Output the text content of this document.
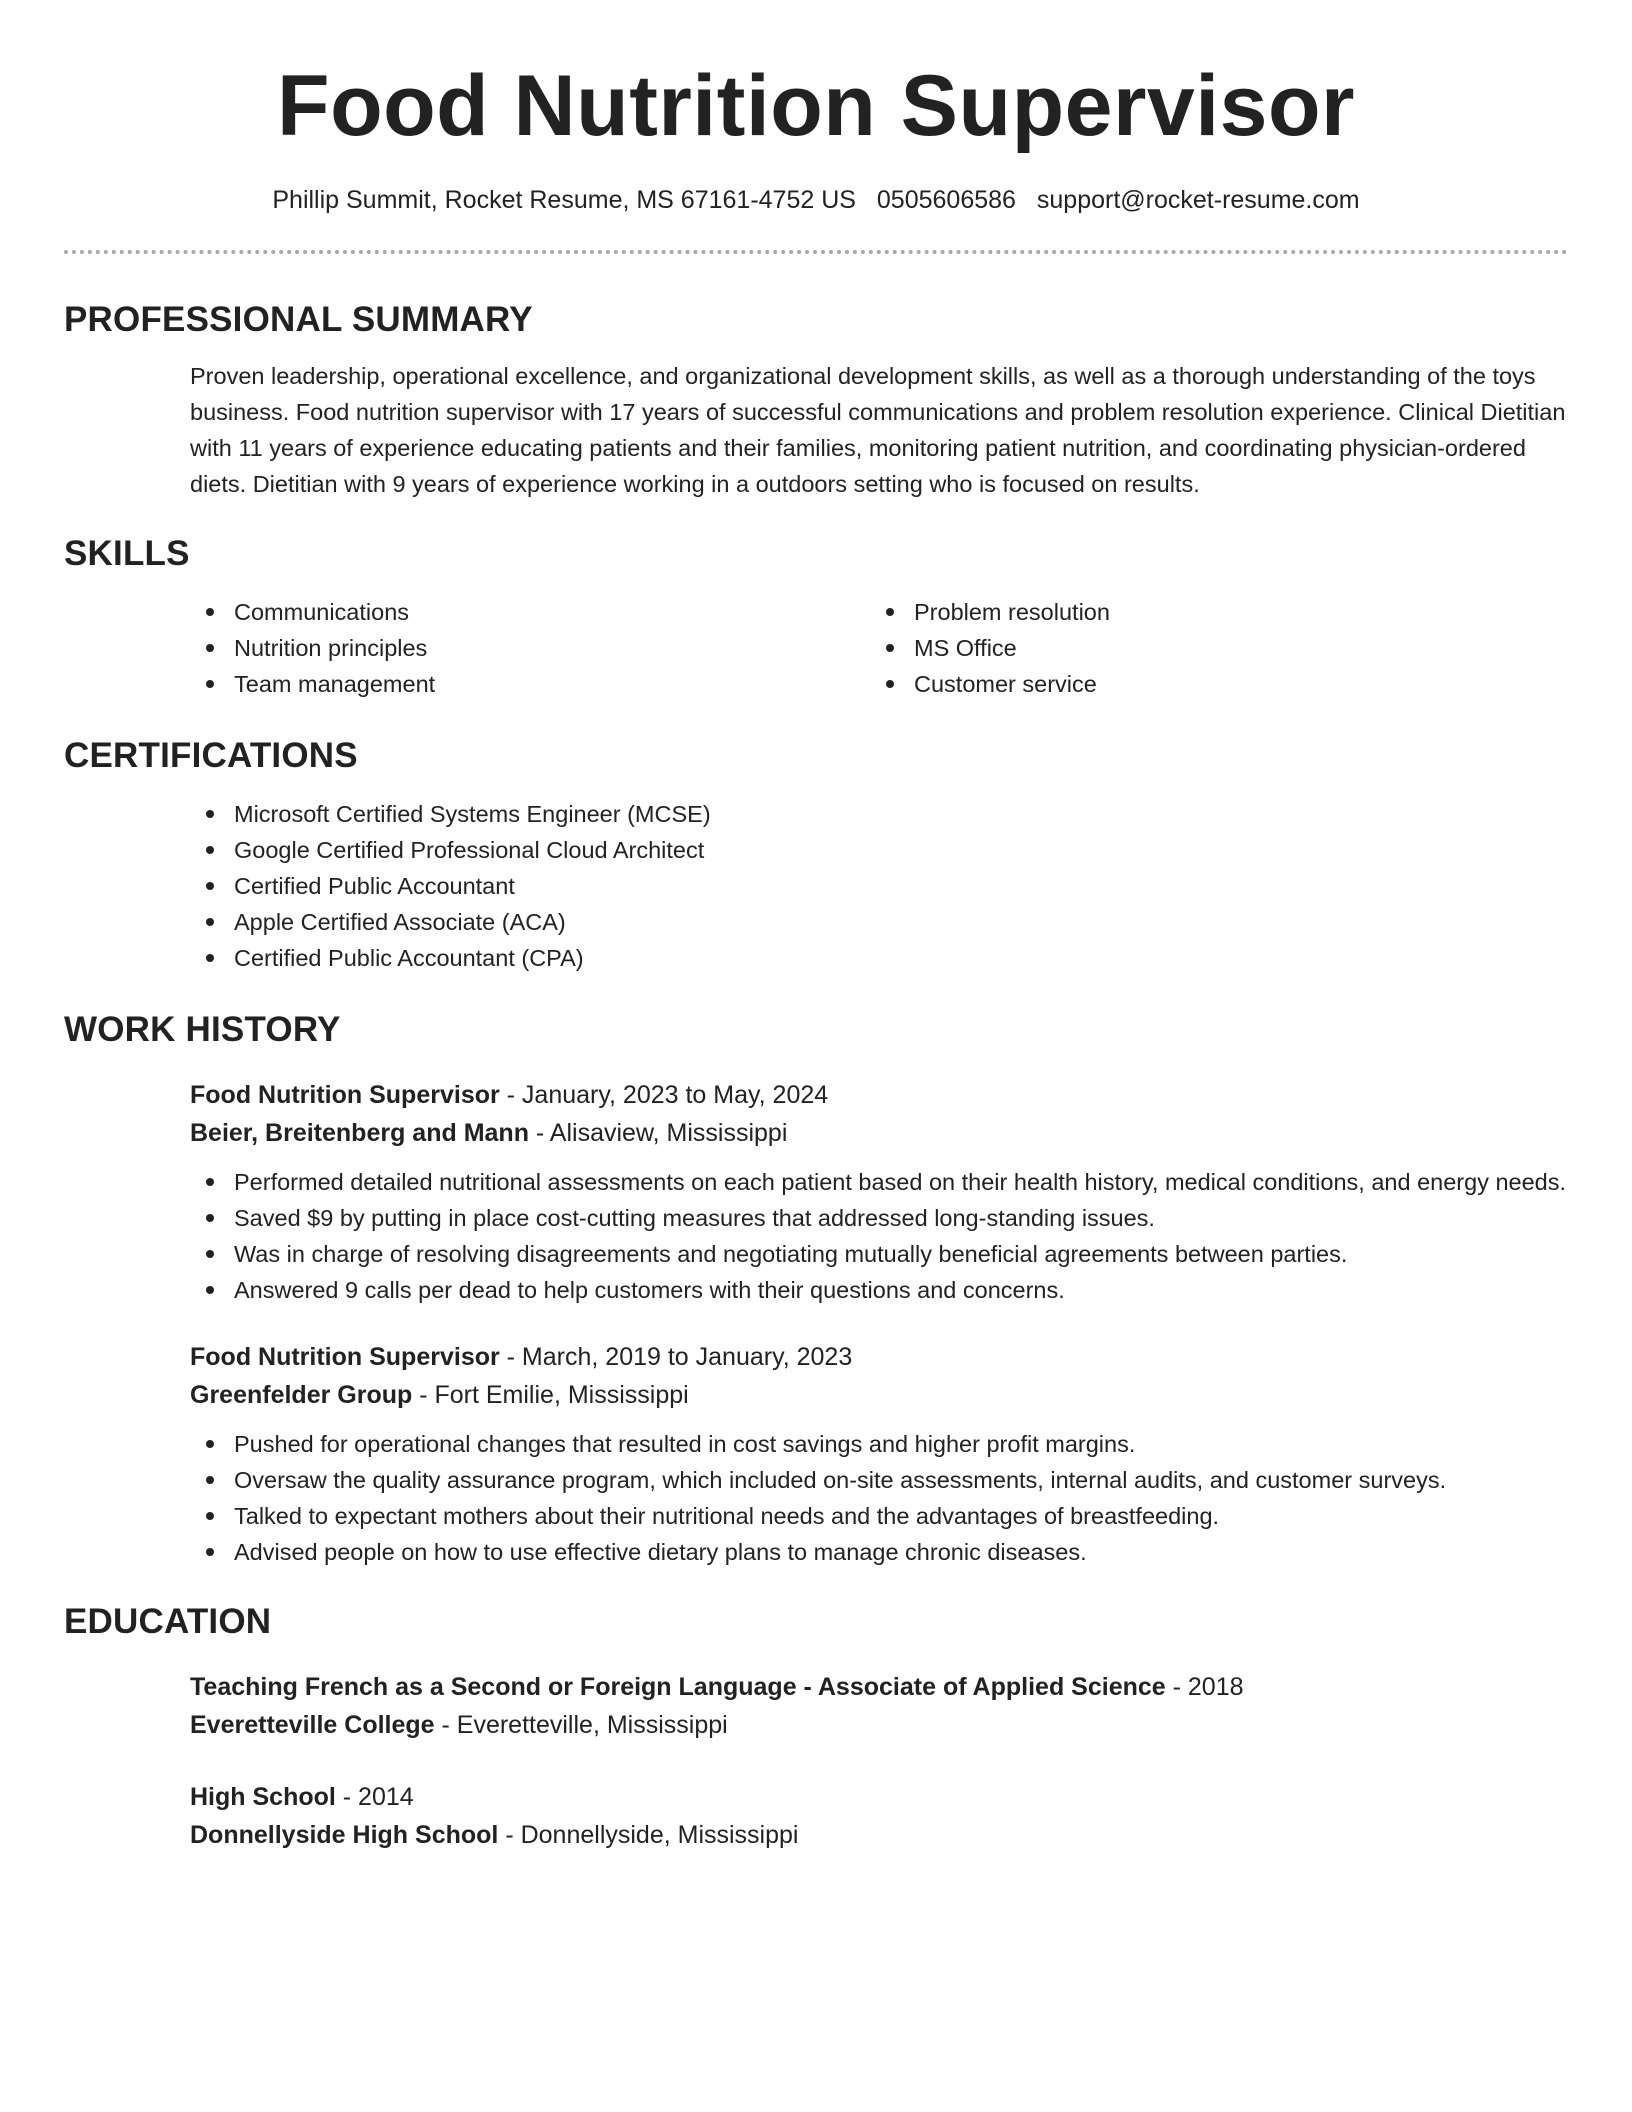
Food Nutrition Supervisor
Phillip Summit, Rocket Resume, MS 67161-4752 US 0505606586 support@rocket-resume.com
PROFESSIONAL SUMMARY
Proven leadership, operational excellence, and organizational development skills, as well as a thorough understanding of the toys business. Food nutrition supervisor with 17 years of successful communications and problem resolution experience. Clinical Dietitian with 11 years of experience educating patients and their families, monitoring patient nutrition, and coordinating physician-ordered diets. Dietitian with 9 years of experience working in a outdoors setting who is focused on results.
SKILLS
Communications
Nutrition principles
Team management
Problem resolution
MS Office
Customer service
CERTIFICATIONS
Microsoft Certified Systems Engineer (MCSE)
Google Certified Professional Cloud Architect
Certified Public Accountant
Apple Certified Associate (ACA)
Certified Public Accountant (CPA)
WORK HISTORY
Food Nutrition Supervisor - January, 2023 to May, 2024
Beier, Breitenberg and Mann - Alisaview, Mississippi
Performed detailed nutritional assessments on each patient based on their health history, medical conditions, and energy needs.
Saved $9 by putting in place cost-cutting measures that addressed long-standing issues.
Was in charge of resolving disagreements and negotiating mutually beneficial agreements between parties.
Answered 9 calls per dead to help customers with their questions and concerns.
Food Nutrition Supervisor - March, 2019 to January, 2023
Greenfelder Group - Fort Emilie, Mississippi
Pushed for operational changes that resulted in cost savings and higher profit margins.
Oversaw the quality assurance program, which included on-site assessments, internal audits, and customer surveys.
Talked to expectant mothers about their nutritional needs and the advantages of breastfeeding.
Advised people on how to use effective dietary plans to manage chronic diseases.
EDUCATION
Teaching French as a Second or Foreign Language - Associate of Applied Science - 2018
Everetteville College - Everetteville, Mississippi
High School - 2014
Donnellyside High School - Donnellyside, Mississippi
